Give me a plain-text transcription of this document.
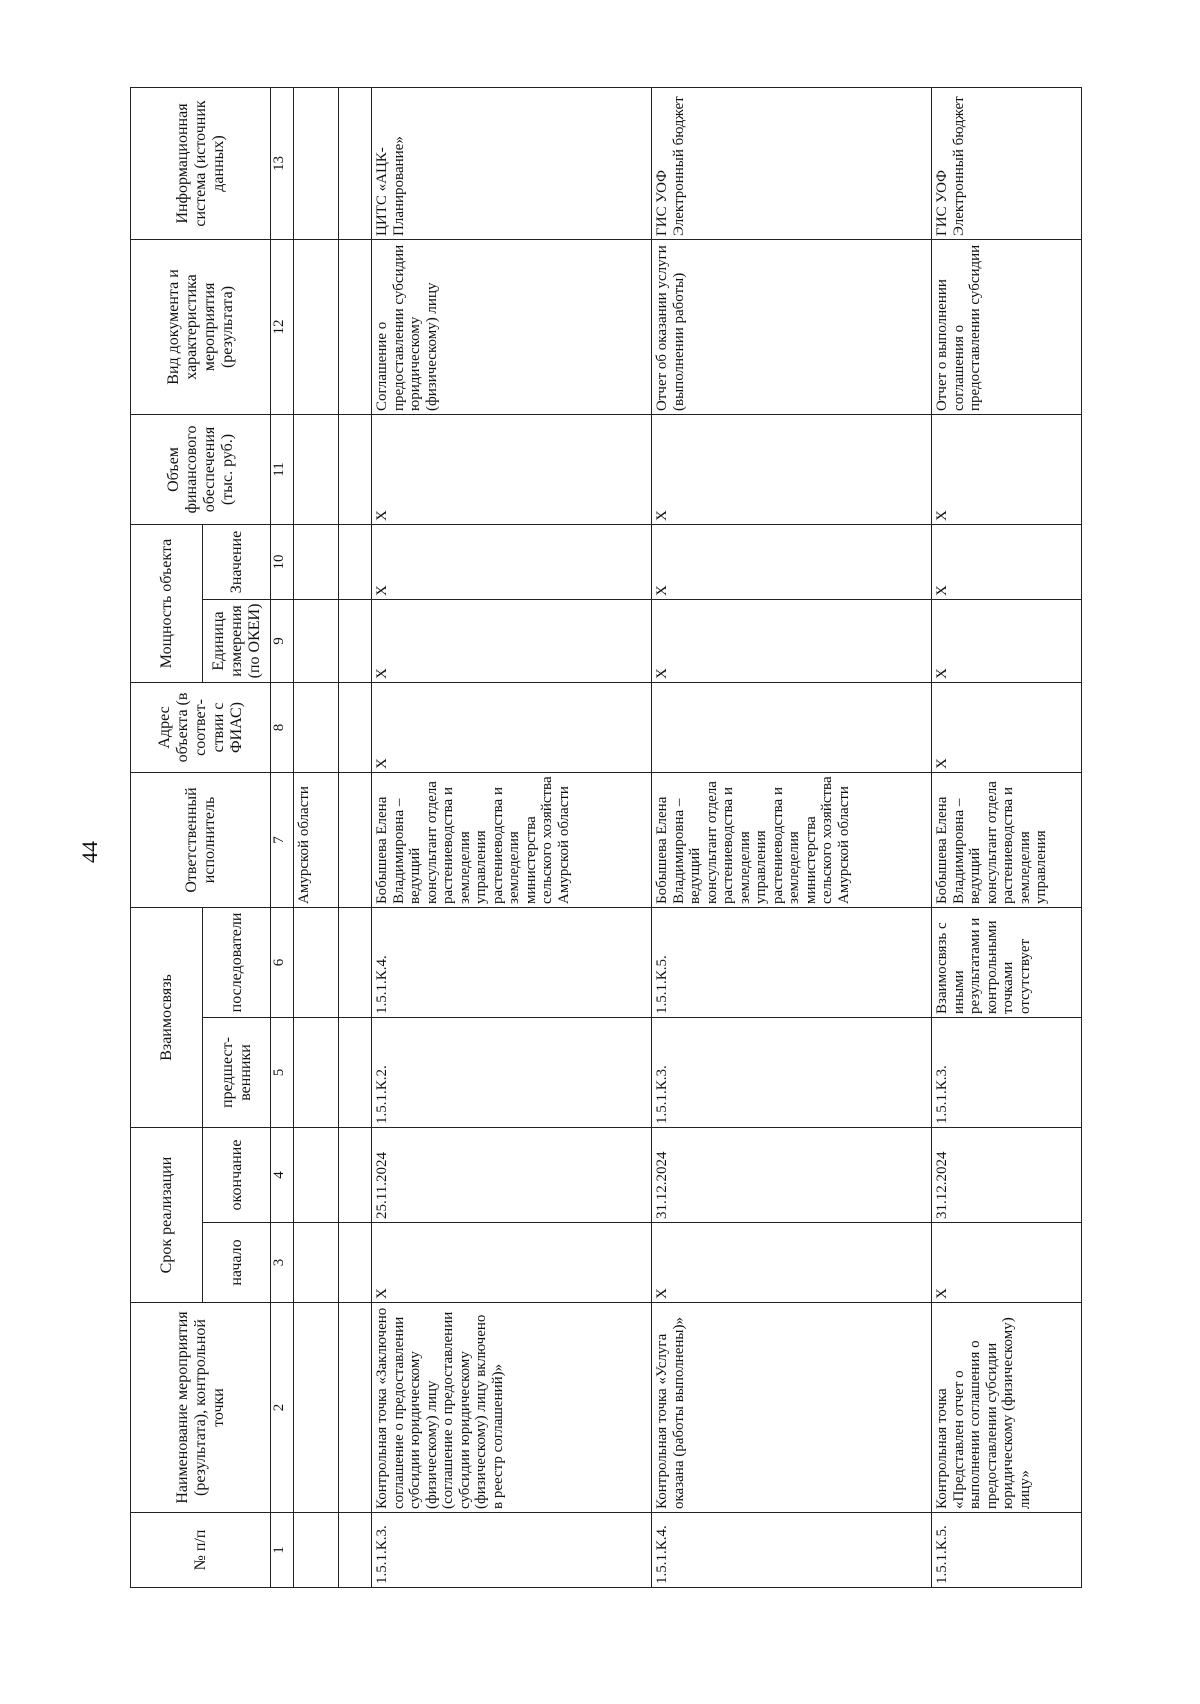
44
№ п/п	Наименование мероприятия (результата), контрольной точки	Срок реализации		Взаимосвязь		Ответственный исполнитель	Адрес объекта (в соответ-ствии с ФИАС)	Мощность объекта		Объем финансового обеспечения (тыс. руб.)	Вид документа и характеристика мероприятия (результата)	Информационная система (источник данных)
		начало	окончание	предшест-венники	последователи			Единица измерения (по ОКЕИ)	Значение			
1	2	3	4	5	6	7	8	9	10	11	12	13
						Амурской области						

1.5.1.К.3.	Контрольная точка «Заключено соглашение о предоставлении субсидии юридическому (физическому) лицу (соглашение о предоставлении субсидии юридическому (физическому) лицу включено в реестр соглашений)»	X	25.11.2024	1.5.1.К.2.	1.5.1.К.4.	Бобышева Елена Владимировна – ведущий консультант отдела растениеводства и земледелия управления растениеводства и земледелия министерства сельского хозяйства Амурской области	X	X	X	X	Соглашение о предоставлении субсидии юридическому (физическому) лицу	ЦИТС «АЦК-Планирование»
1.5.1.К.4.	Контрольная точка «Услуга оказана (работы выполнены)»	X	31.12.2024	1.5.1.К.3.	1.5.1.К.5.	Бобышева Елена Владимировна – ведущий консультант отдела растениеводства и земледелия управления растениеводства и земледелия министерства сельского хозяйства Амурской области		X	X	X	Отчет об оказании услуги (выполнении работы)	ГИС УОФ Электронный бюджет
1.5.1.К.5.	Контрольная точка «Представлен отчет о выполнении соглашения о предоставлении субсидии юридическому (физическому) лицу»	X	31.12.2024	1.5.1.К.3.	Взаимосвязь с иными результатами и контрольными точками отсутствует	Бобышева Елена Владимировна – ведущий консультант отдела растениеводства и земледелия управления	X	X	X	X	Отчет о выполнении соглашения о предоставлении субсидии	ГИС УОФ Электронный бюджет
